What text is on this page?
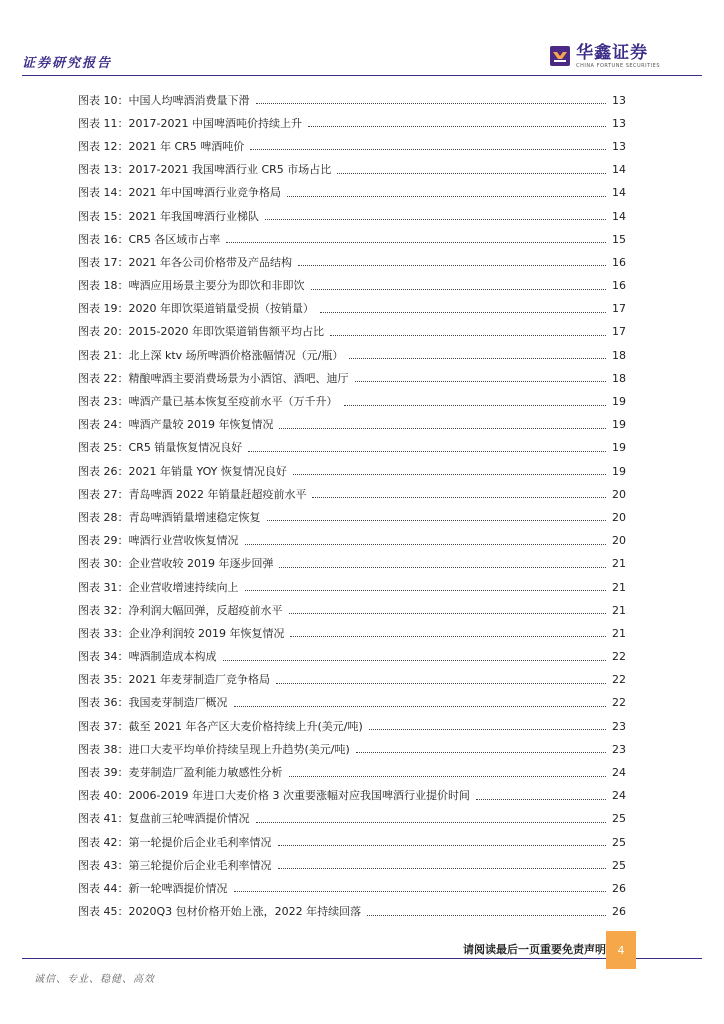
证券研究报告
华鑫证券
CHINA FORTUNE SECURITIES
图表 10：中国人均啤酒消费量下滑	13
图表 11：2017-2021 中国啤酒吨价持续上升	13
图表 12：2021 年 CR5 啤酒吨价	13
图表 13：2017-2021 我国啤酒行业 CR5 市场占比	14
图表 14：2021 年中国啤酒行业竞争格局	14
图表 15：2021 年我国啤酒行业梯队	14
图表 16：CR5 各区域市占率	15
图表 17：2021 年各公司价格带及产品结构	16
图表 18：啤酒应用场景主要分为即饮和非即饮	16
图表 19：2020 年即饮渠道销量受损（按销量）	17
图表 20：2015-2020 年即饮渠道销售额平均占比	17
图表 21：北上深 ktv 场所啤酒价格涨幅情况（元/瓶）	18
图表 22：精酿啤酒主要消费场景为小酒馆、酒吧、迪厅	18
图表 23：啤酒产量已基本恢复至疫前水平（万千升）	19
图表 24：啤酒产量较 2019 年恢复情况	19
图表 25：CR5 销量恢复情况良好	19
图表 26：2021 年销量 YOY 恢复情况良好	19
图表 27：青岛啤酒 2022 年销量赶超疫前水平	20
图表 28：青岛啤酒销量增速稳定恢复	20
图表 29：啤酒行业营收恢复情况	20
图表 30：企业营收较 2019 年逐步回弹	21
图表 31：企业营收增速持续向上	21
图表 32：净利润大幅回弹，反超疫前水平	21
图表 33：企业净利润较 2019 年恢复情况	21
图表 34：啤酒制造成本构成	22
图表 35：2021 年麦芽制造厂竞争格局	22
图表 36：我国麦芽制造厂概况	22
图表 37：截至 2021 年各产区大麦价格持续上升(美元/吨)	23
图表 38：进口大麦平均单价持续呈现上升趋势(美元/吨)	23
图表 39：麦芽制造厂盈利能力敏感性分析	24
图表 40：2006-2019 年进口大麦价格 3 次重要涨幅对应我国啤酒行业提价时间	24
图表 41：复盘前三轮啤酒提价情况	25
图表 42：第一轮提价后企业毛利率情况	25
图表 43：第三轮提价后企业毛利率情况	25
图表 44：新一轮啤酒提价情况	26
图表 45：2020Q3 包材价格开始上涨，2022 年持续回落	26
请阅读最后一页重要免责声明	4
诚信、专业、稳健、高效
